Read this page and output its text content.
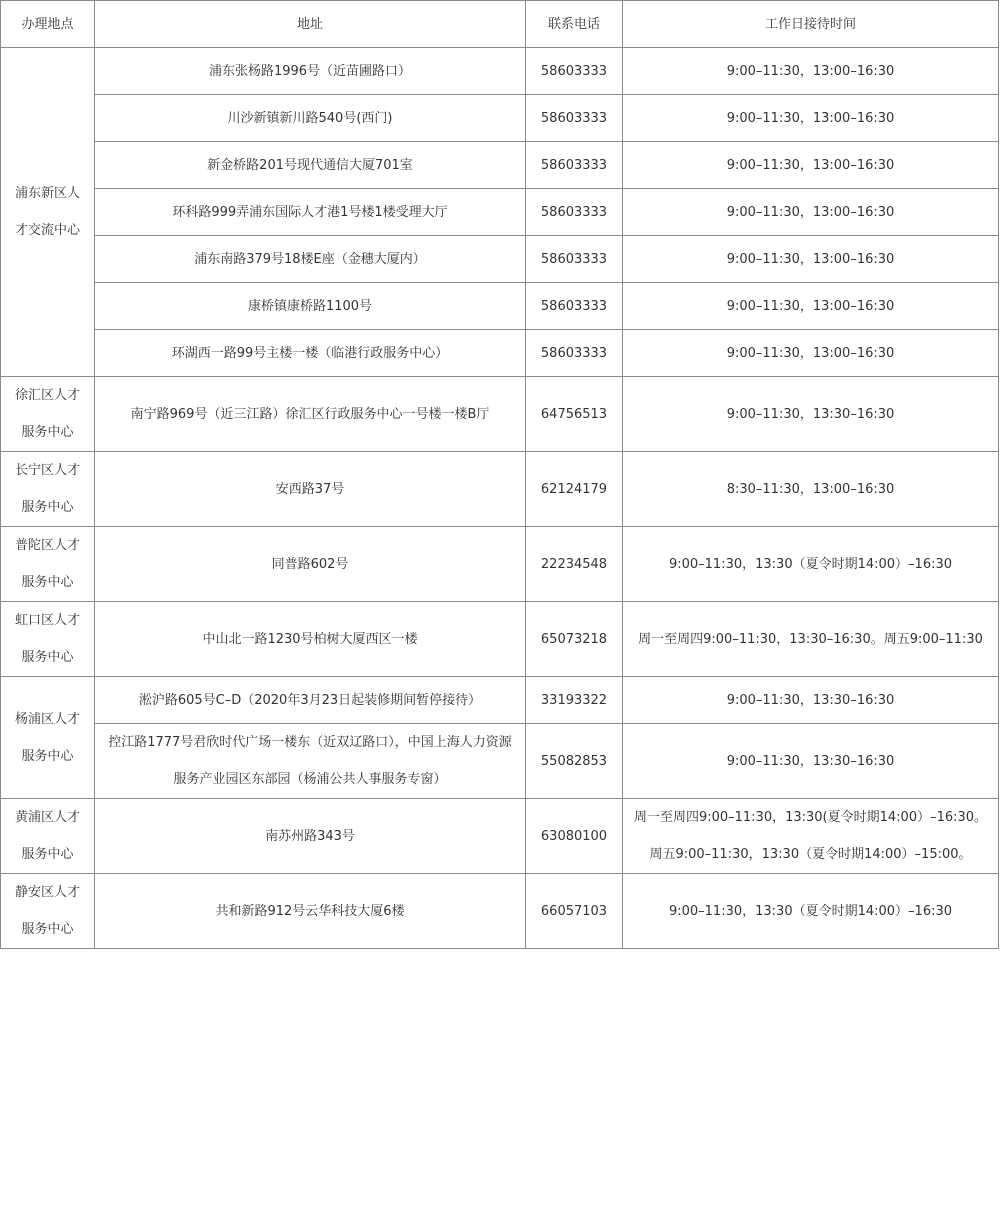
办理地点	地址	联系电话	工作日接待时间
浦东新区人才交流中心	浦东张杨路1996号（近苗圃路口）	58603333	9:00–11:30，13:00–16:30
	川沙新镇新川路540号(西门)	58603333	9:00–11:30，13:00–16:30
	新金桥路201号现代通信大厦701室	58603333	9:00–11:30，13:00–16:30
	环科路999弄浦东国际人才港1号楼1楼受理大厅	58603333	9:00–11:30，13:00–16:30
	浦东南路379号18楼E座（金穗大厦内）	58603333	9:00–11:30，13:00–16:30
	康桥镇康桥路1100号	58603333	9:00–11:30，13:00–16:30
	环湖西一路99号主楼一楼（临港行政服务中心）	58603333	9:00–11:30，13:00–16:30
徐汇区人才服务中心	南宁路969号（近三江路）徐汇区行政服务中心一号楼一楼B厅	64756513	9:00–11:30，13:30–16:30
长宁区人才服务中心	安西路37号	62124179	8:30–11:30，13:00–16:30
普陀区人才服务中心	同普路602号	22234548	9:00–11:30，13:30（夏令时期14:00）–16:30
虹口区人才服务中心	中山北一路1230号柏树大厦西区一楼	65073218	周一至周四9:00–11:30，13:30–16:30。周五9:00–11:30
杨浦区人才服务中心	淞沪路605号C–D（2020年3月23日起装修期间暂停接待）	33193322	9:00–11:30，13:30–16:30
	控江路1777号君欣时代广场一楼东（近双辽路口），中国上海人力资源服务产业园区东部园（杨浦公共人事服务专窗）	55082853	9:00–11:30，13:30–16:30
黄浦区人才服务中心	南苏州路343号	63080100	周一至周四9:00–11:30，13:30(夏令时期14:00）–16:30。周五9:00–11:30，13:30（夏令时期14:00）–15:00。
静安区人才服务中心	共和新路912号云华科技大厦6楼	66057103	9:00–11:30，13:30（夏令时期14:00）–16:30
